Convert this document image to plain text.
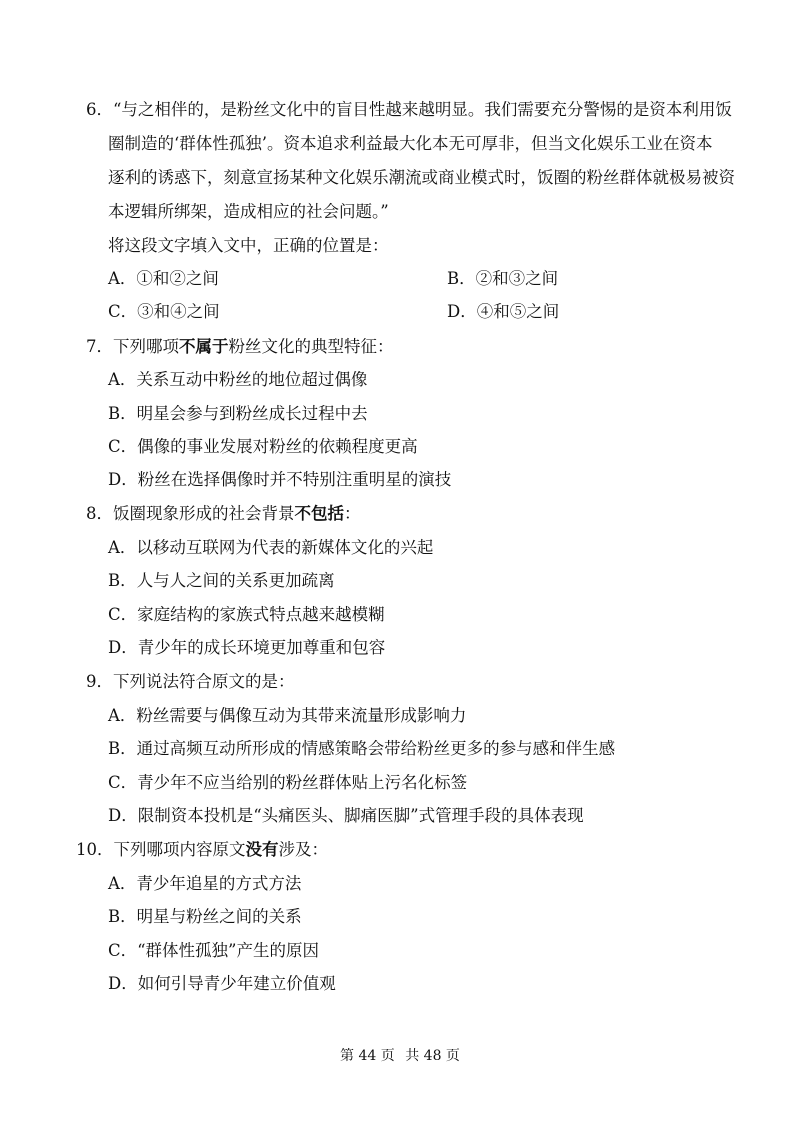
6．“与之相伴的，是粉丝文化中的盲目性越来越明显。我们需要充分警惕的是资本利用饭
圈制造的‘群体性孤独’。资本追求利益最大化本无可厚非，但当文化娱乐工业在资本
逐利的诱惑下，刻意宣扬某种文化娱乐潮流或商业模式时，饭圈的粉丝群体就极易被资
本逻辑所绑架，造成相应的社会问题。”
将这段文字填入文中，正确的位置是：
A．①和②之间	B．②和③之间
C．③和④之间	D．④和⑤之间
7．下列哪项不属于粉丝文化的典型特征：
A．关系互动中粉丝的地位超过偶像
B．明星会参与到粉丝成长过程中去
C．偶像的事业发展对粉丝的依赖程度更高
D．粉丝在选择偶像时并不特别注重明星的演技
8．饭圈现象形成的社会背景不包括：
A．以移动互联网为代表的新媒体文化的兴起
B．人与人之间的关系更加疏离
C．家庭结构的家族式特点越来越模糊
D．青少年的成长环境更加尊重和包容
9．下列说法符合原文的是：
A．粉丝需要与偶像互动为其带来流量形成影响力
B．通过高频互动所形成的情感策略会带给粉丝更多的参与感和伴生感
C．青少年不应当给别的粉丝群体贴上污名化标签
D．限制资本投机是“头痛医头、脚痛医脚”式管理手段的具体表现
10．下列哪项内容原文没有涉及：
A．青少年追星的方式方法
B．明星与粉丝之间的关系
C．“群体性孤独”产生的原因
D．如何引导青少年建立价值观
第 44 页 共 48 页
